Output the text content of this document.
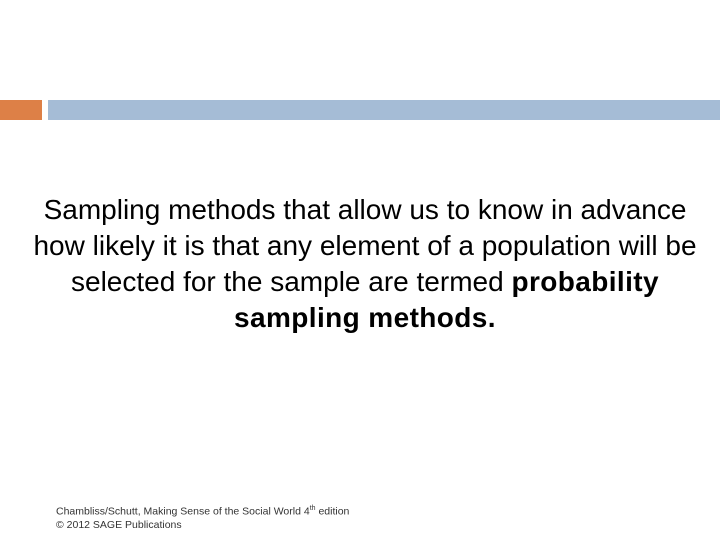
Sampling methods that allow us to know in advance how likely it is that any element of a population will be selected for the sample are termed probability sampling methods.
Chambliss/Schutt, Making Sense of the Social World 4th edition
© 2012 SAGE Publications
